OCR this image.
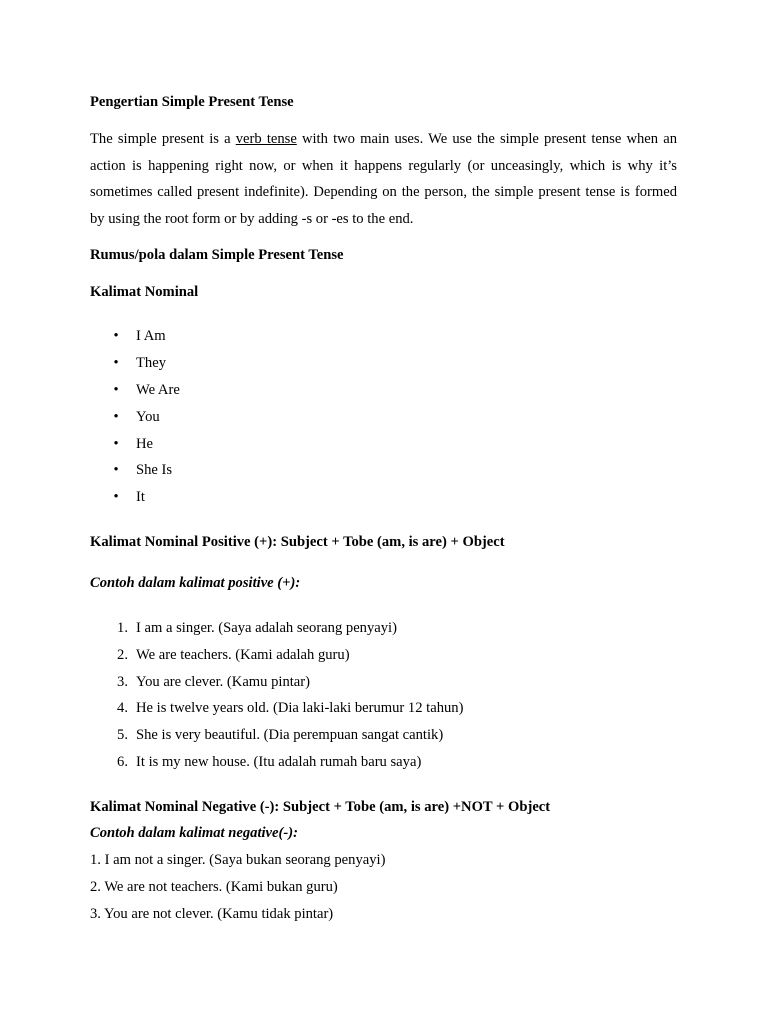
Pengertian Simple Present Tense

The simple present is a verb tense with two main uses. We use the simple present tense when an action is happening right now, or when it happens regularly (or unceasingly, which is why it’s sometimes called present indefinite). Depending on the person, the simple present tense is formed by using the root form or by adding -s or -es to the end.

Rumus/pola dalam Simple Present Tense

Kalimat Nominal

• I Am
• They
• We Are
• You
• He
• She Is
• It

Kalimat Nominal Positive (+): Subject + Tobe (am, is are) + Object

Contoh dalam kalimat positive (+):

1. I am a singer. (Saya adalah seorang penyayi)
2. We are teachers. (Kami adalah guru)
3. You are clever. (Kamu pintar)
4. He is twelve years old. (Dia laki-laki berumur 12 tahun)
5. She is very beautiful. (Dia perempuan sangat cantik)
6. It is my new house. (Itu adalah rumah baru saya)

Kalimat Nominal Negative (-): Subject + Tobe (am, is are) +NOT + Object

Contoh dalam kalimat negative(-):

1. I am not a singer. (Saya bukan seorang penyayi)

2. We are not teachers. (Kami bukan guru)

3. You are not clever. (Kamu tidak pintar)
